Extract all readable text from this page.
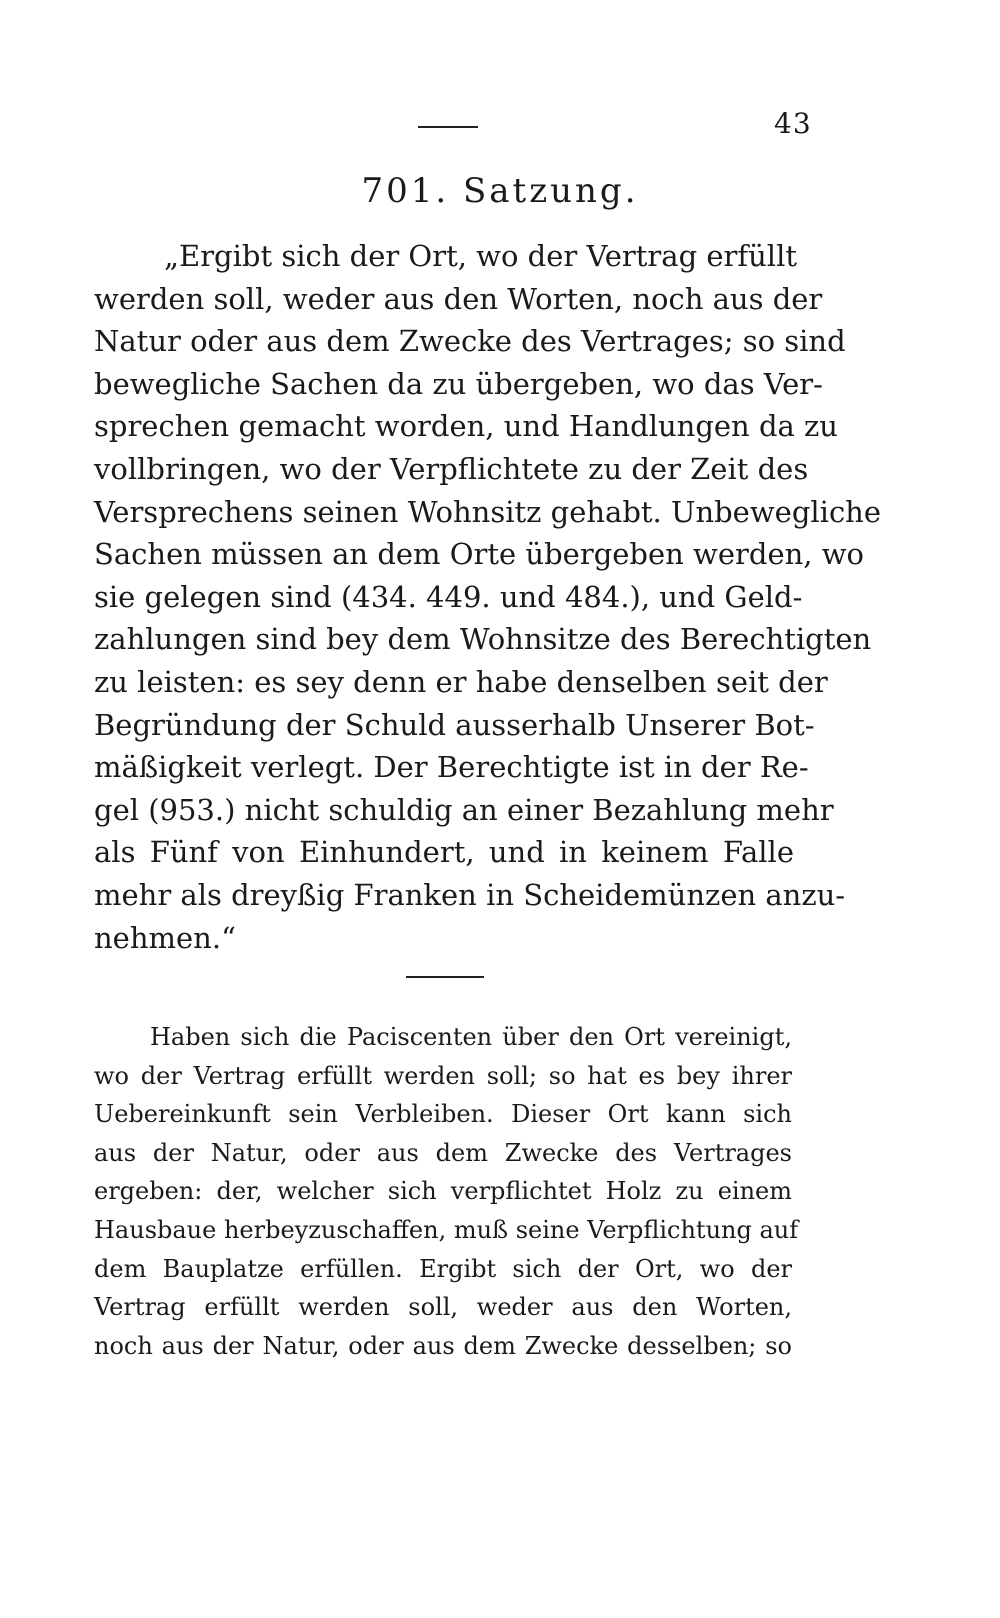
43
701. Satzung.
„Ergibt sich der Ort, wo der Vertrag erfüllt
werden soll, weder aus den Worten, noch aus der
Natur oder aus dem Zwecke des Vertrages; so sind
bewegliche Sachen da zu übergeben, wo das Ver-
sprechen gemacht worden, und Handlungen da zu
vollbringen, wo der Verpflichtete zu der Zeit des
Versprechens seinen Wohnsitz gehabt. Unbewegliche
Sachen müssen an dem Orte übergeben werden, wo
sie gelegen sind (434. 449. und 484.), und Geld-
zahlungen sind bey dem Wohnsitze des Berechtigten
zu leisten: es sey denn er habe denselben seit der
Begründung der Schuld ausserhalb Unserer Bot-
mäßigkeit verlegt. Der Berechtigte ist in der Re-
gel (953.) nicht schuldig an einer Bezahlung mehr
als Fünf von Einhundert, und in keinem Falle
mehr als dreyßig Franken in Scheidemünzen anzu-
nehmen.“
Haben sich die Paciscenten über den Ort vereinigt,
wo der Vertrag erfüllt werden soll; so hat es bey ihrer
Uebereinkunft sein Verbleiben. Dieser Ort kann sich
aus der Natur, oder aus dem Zwecke des Vertrages
ergeben: der, welcher sich verpflichtet Holz zu einem
Hausbaue herbeyzuschaffen, muß seine Verpflichtung auf
dem Bauplatze erfüllen. Ergibt sich der Ort, wo der
Vertrag erfüllt werden soll, weder aus den Worten,
noch aus der Natur, oder aus dem Zwecke desselben; so
